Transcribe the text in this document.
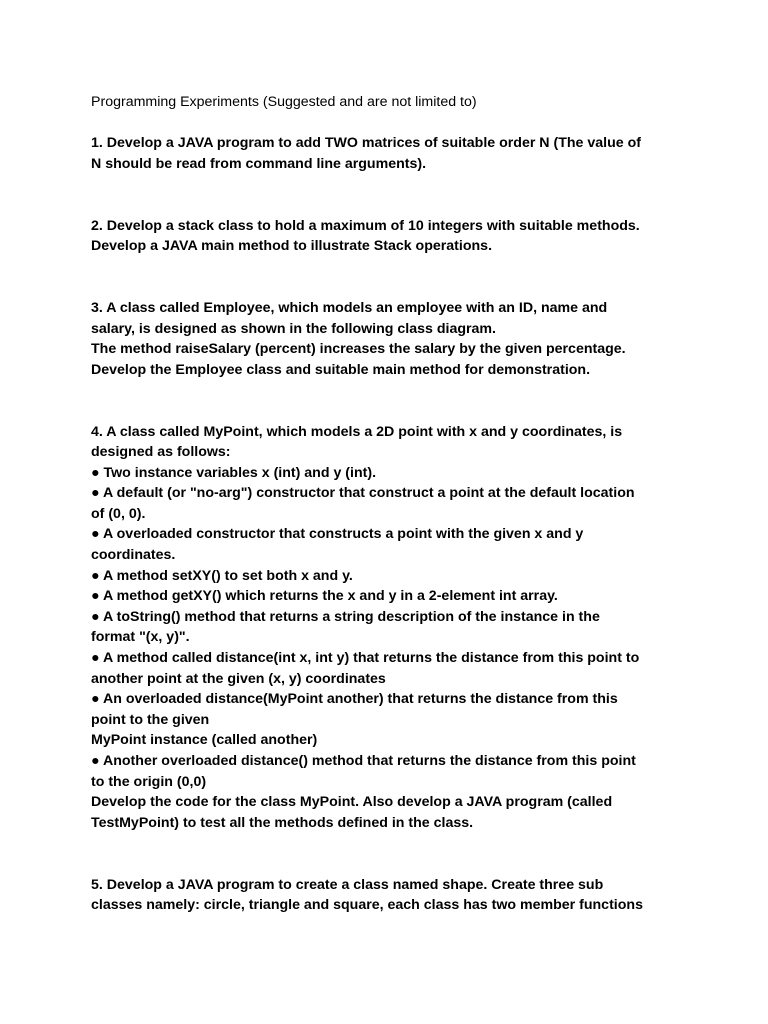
Programming Experiments (Suggested and are not limited to)
1. Develop a JAVA program to add TWO matrices of suitable order N (The value of
N should be read from command line arguments).
2. Develop a stack class to hold a maximum of 10 integers with suitable methods.
Develop a JAVA main method to illustrate Stack operations.
3. A class called Employee, which models an employee with an ID, name and
salary, is designed as shown in the following class diagram.
The method raiseSalary (percent) increases the salary by the given percentage.
Develop the Employee class and suitable main method for demonstration.
4. A class called MyPoint, which models a 2D point with x and y coordinates, is
designed as follows:
● Two instance variables x (int) and y (int).
● A default (or "no-arg") constructor that construct a point at the default location
of (0, 0).
● A overloaded constructor that constructs a point with the given x and y
coordinates.
● A method setXY() to set both x and y.
● A method getXY() which returns the x and y in a 2-element int array.
● A toString() method that returns a string description of the instance in the
format "(x, y)".
● A method called distance(int x, int y) that returns the distance from this point to
another point at the given (x, y) coordinates
● An overloaded distance(MyPoint another) that returns the distance from this
point to the given
MyPoint instance (called another)
● Another overloaded distance() method that returns the distance from this point
to the origin (0,0)
Develop the code for the class MyPoint. Also develop a JAVA program (called
TestMyPoint) to test all the methods defined in the class.
5. Develop a JAVA program to create a class named shape. Create three sub
classes namely: circle, triangle and square, each class has two member functions
